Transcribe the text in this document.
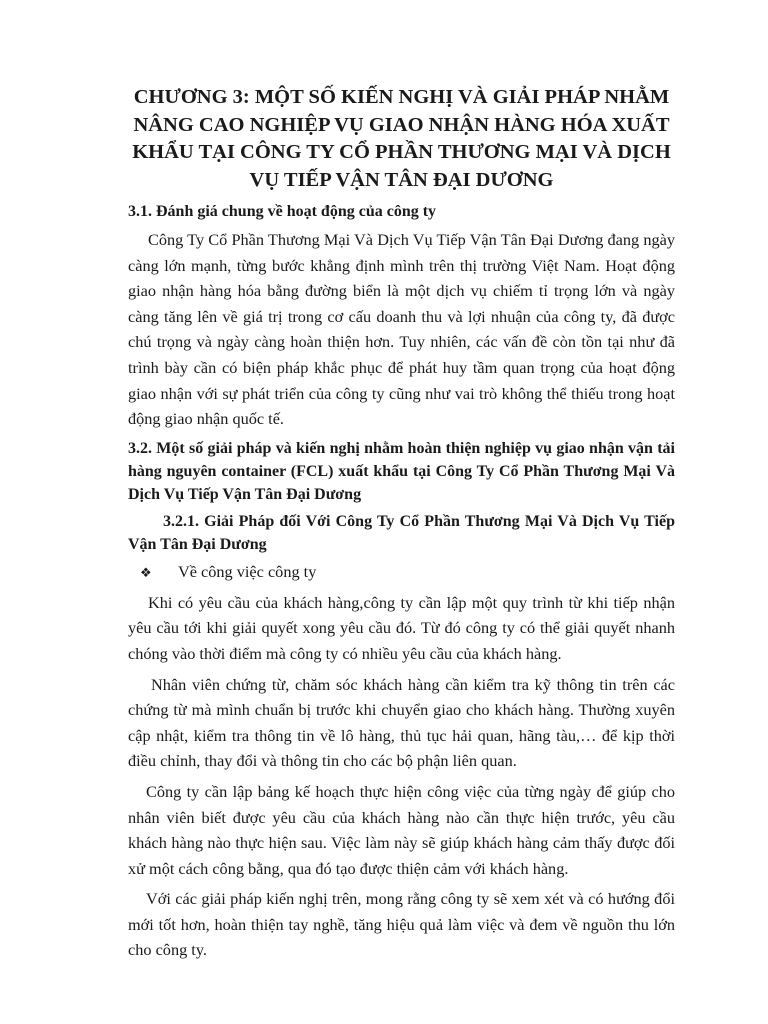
CHƯƠNG 3: MỘT SỐ KIẾN NGHỊ VÀ GIẢI PHÁP NHẰM NÂNG CAO NGHIỆP VỤ GIAO NHẬN HÀNG HÓA XUẤT KHẨU TẠI CÔNG TY CỔ PHẦN THƯƠNG MẠI VÀ DỊCH VỤ TIẾP VẬN TÂN ĐẠI DƯƠNG
3.1. Đánh giá chung về hoạt động của công ty
Công Ty Cổ Phần Thương Mại Và Dịch Vụ Tiếp Vận Tân Đại Dương đang ngày càng lớn mạnh, từng bước khẳng định mình trên thị trường Việt Nam. Hoạt động giao nhận hàng hóa bằng đường biển là một dịch vụ chiếm tỉ trọng lớn và ngày càng tăng lên về giá trị trong cơ cấu doanh thu và lợi nhuận của công ty, đã được chú trọng và ngày càng hoàn thiện hơn. Tuy nhiên, các vấn đề còn tồn tại như đã trình bày cần có biện pháp khắc phục để phát huy tầm quan trọng của hoạt động giao nhận với sự phát triển của công ty cũng như vai trò không thể thiếu trong hoạt động giao nhận quốc tế.
3.2. Một số giải pháp và kiến nghị nhằm hoàn thiện nghiệp vụ giao nhận vận tải hàng nguyên container (FCL) xuất khẩu tại Công Ty Cổ Phần Thương Mại Và Dịch Vụ Tiếp Vận Tân Đại Dương
3.2.1. Giải Pháp đối Với Công Ty Cổ Phần Thương Mại Và Dịch Vụ Tiếp Vận Tân Đại Dương
❖ Về công việc công ty
Khi có yêu cầu của khách hàng,công ty cần lập một quy trình từ khi tiếp nhận yêu cầu tới khi giải quyết xong yêu cầu đó. Từ đó công ty có thể giải quyết nhanh chóng vào thời điểm mà công ty có nhiều yêu cầu của khách hàng.
Nhân viên chứng từ, chăm sóc khách hàng cần kiểm tra kỹ thông tin trên các chứng từ mà mình chuẩn bị trước khi chuyển giao cho khách hàng. Thường xuyên cập nhật, kiểm tra thông tin về lô hàng, thủ tục hải quan, hãng tàu,… để kịp thời điều chỉnh, thay đổi và thông tin cho các bộ phận liên quan.
Công ty cần lập bảng kế hoạch thực hiện công việc của từng ngày để giúp cho nhân viên biết được yêu cầu của khách hàng nào cần thực hiện trước, yêu cầu khách hàng nào thực hiện sau. Việc làm này sẽ giúp khách hàng cảm thấy được đối xử một cách công bằng, qua đó tạo được thiện cảm với khách hàng.
Với các giải pháp kiến nghị trên, mong rằng công ty sẽ xem xét và có hướng đổi mới tốt hơn, hoàn thiện tay nghề, tăng hiệu quả làm việc và đem về nguồn thu lớn cho công ty.
